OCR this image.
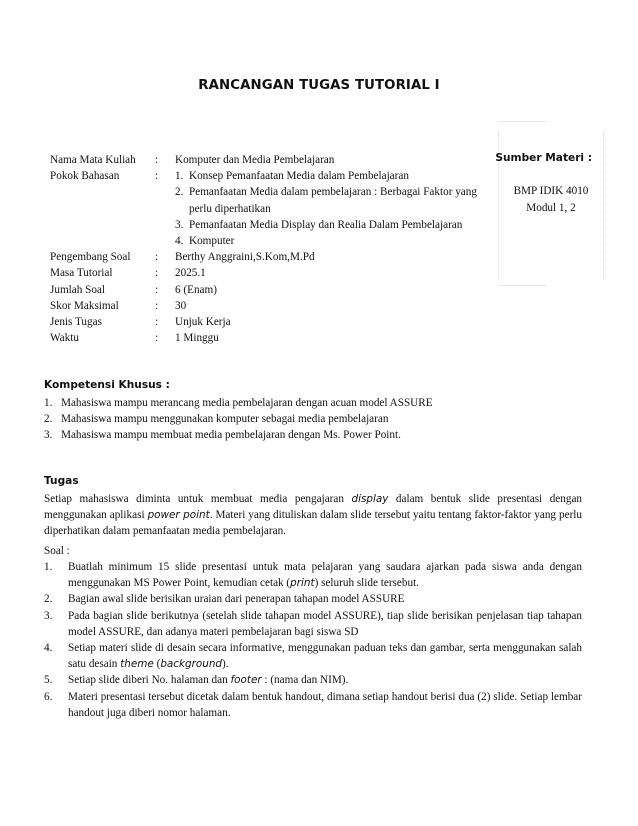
RANCANGAN TUGAS TUTORIAL I
Nama Mata Kuliah	:	Komputer dan Media Pembelajaran
Pokok Bahasan	:	1. Konsep Pemanfaatan Media dalam Pembelajaran
2. Pemanfaatan Media dalam pembelajaran : Berbagai Faktor yang perlu diperhatikan
3. Pemanfaatan Media Display dan Realia Dalam Pembelajaran
4. Komputer
Pengembang Soal	:	Berthy Anggraini,S.Kom,M.Pd
Masa Tutorial	:	2025.1
Jumlah Soal	:	6 (Enam)
Skor Maksimal	:	30
Jenis Tugas	:	Unjuk Kerja
Waktu	:	1 Minggu
Sumber Materi :
BMP IDIK 4010
Modul 1, 2
Kompetensi Khusus :
1. Mahasiswa mampu merancang media pembelajaran dengan acuan model ASSURE
2. Mahasiswa mampu menggunakan komputer sebagai media pembelajaran
3. Mahasiswa mampu membuat media pembelajaran dengan Ms. Power Point.
Tugas
Setiap mahasiswa diminta untuk membuat media pengajaran display dalam bentuk slide presentasi dengan menggunakan aplikasi power point. Materi yang dituliskan dalam slide tersebut yaitu tentang faktor-faktor yang perlu diperhatikan dalam pemanfaatan media pembelajaran.
Soal :
1.	Buatlah minimum 15 slide presentasi untuk mata pelajaran yang saudara ajarkan pada siswa anda dengan menggunakan MS Power Point, kemudian cetak (print) seluruh slide tersebut.
2.	Bagian awal slide berisikan uraian dari penerapan tahapan model ASSURE
3.	Pada bagian slide berikutnya (setelah slide tahapan model ASSURE), tiap slide berisikan penjelasan tiap tahapan model ASSURE, dan adanya materi pembelajaran bagi siswa SD
4.	Setiap materi slide di desain secara informative, menggunakan paduan teks dan gambar, serta menggunakan salah satu desain theme (background).
5.	Setiap slide diberi No. halaman dan footer : (nama dan NIM).
6.	Materi presentasi tersebut dicetak dalam bentuk handout, dimana setiap handout berisi dua (2) slide. Setiap lembar handout juga diberi nomor halaman.
